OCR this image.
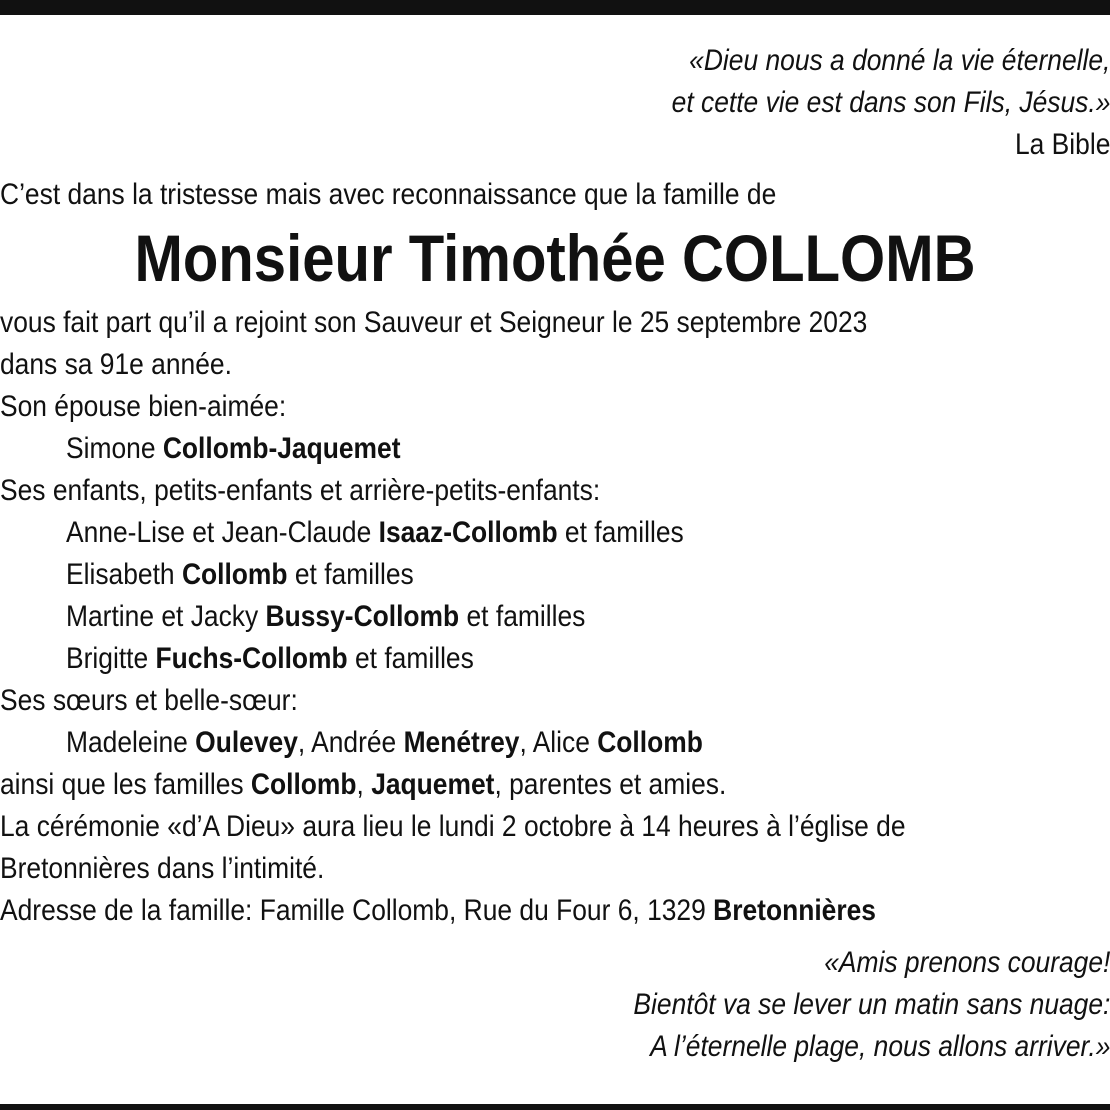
«Dieu nous a donné la vie éternelle,
et cette vie est dans son Fils, Jésus.»
La Bible
C’est dans la tristesse mais avec reconnaissance que la famille de
Monsieur Timothée COLLOMB
vous fait part qu’il a rejoint son Sauveur et Seigneur le 25 septembre 2023
dans sa 91e année.
Son épouse bien-aimée:
Simone Collomb-Jaquemet
Ses enfants, petits-enfants et arrière-petits-enfants:
Anne-Lise et Jean-Claude Isaaz-Collomb et familles
Elisabeth Collomb et familles
Martine et Jacky Bussy-Collomb et familles
Brigitte Fuchs-Collomb et familles
Ses sœurs et belle-sœur:
Madeleine Oulevey, Andrée Menétrey, Alice Collomb
ainsi que les familles Collomb, Jaquemet, parentes et amies.
La cérémonie «d’A Dieu» aura lieu le lundi 2 octobre à 14 heures à l’église de
Bretonnières dans l’intimité.
Adresse de la famille: Famille Collomb, Rue du Four 6, 1329 Bretonnières
«Amis prenons courage!
Bientôt va se lever un matin sans nuage:
A l’éternelle plage, nous allons arriver.»
